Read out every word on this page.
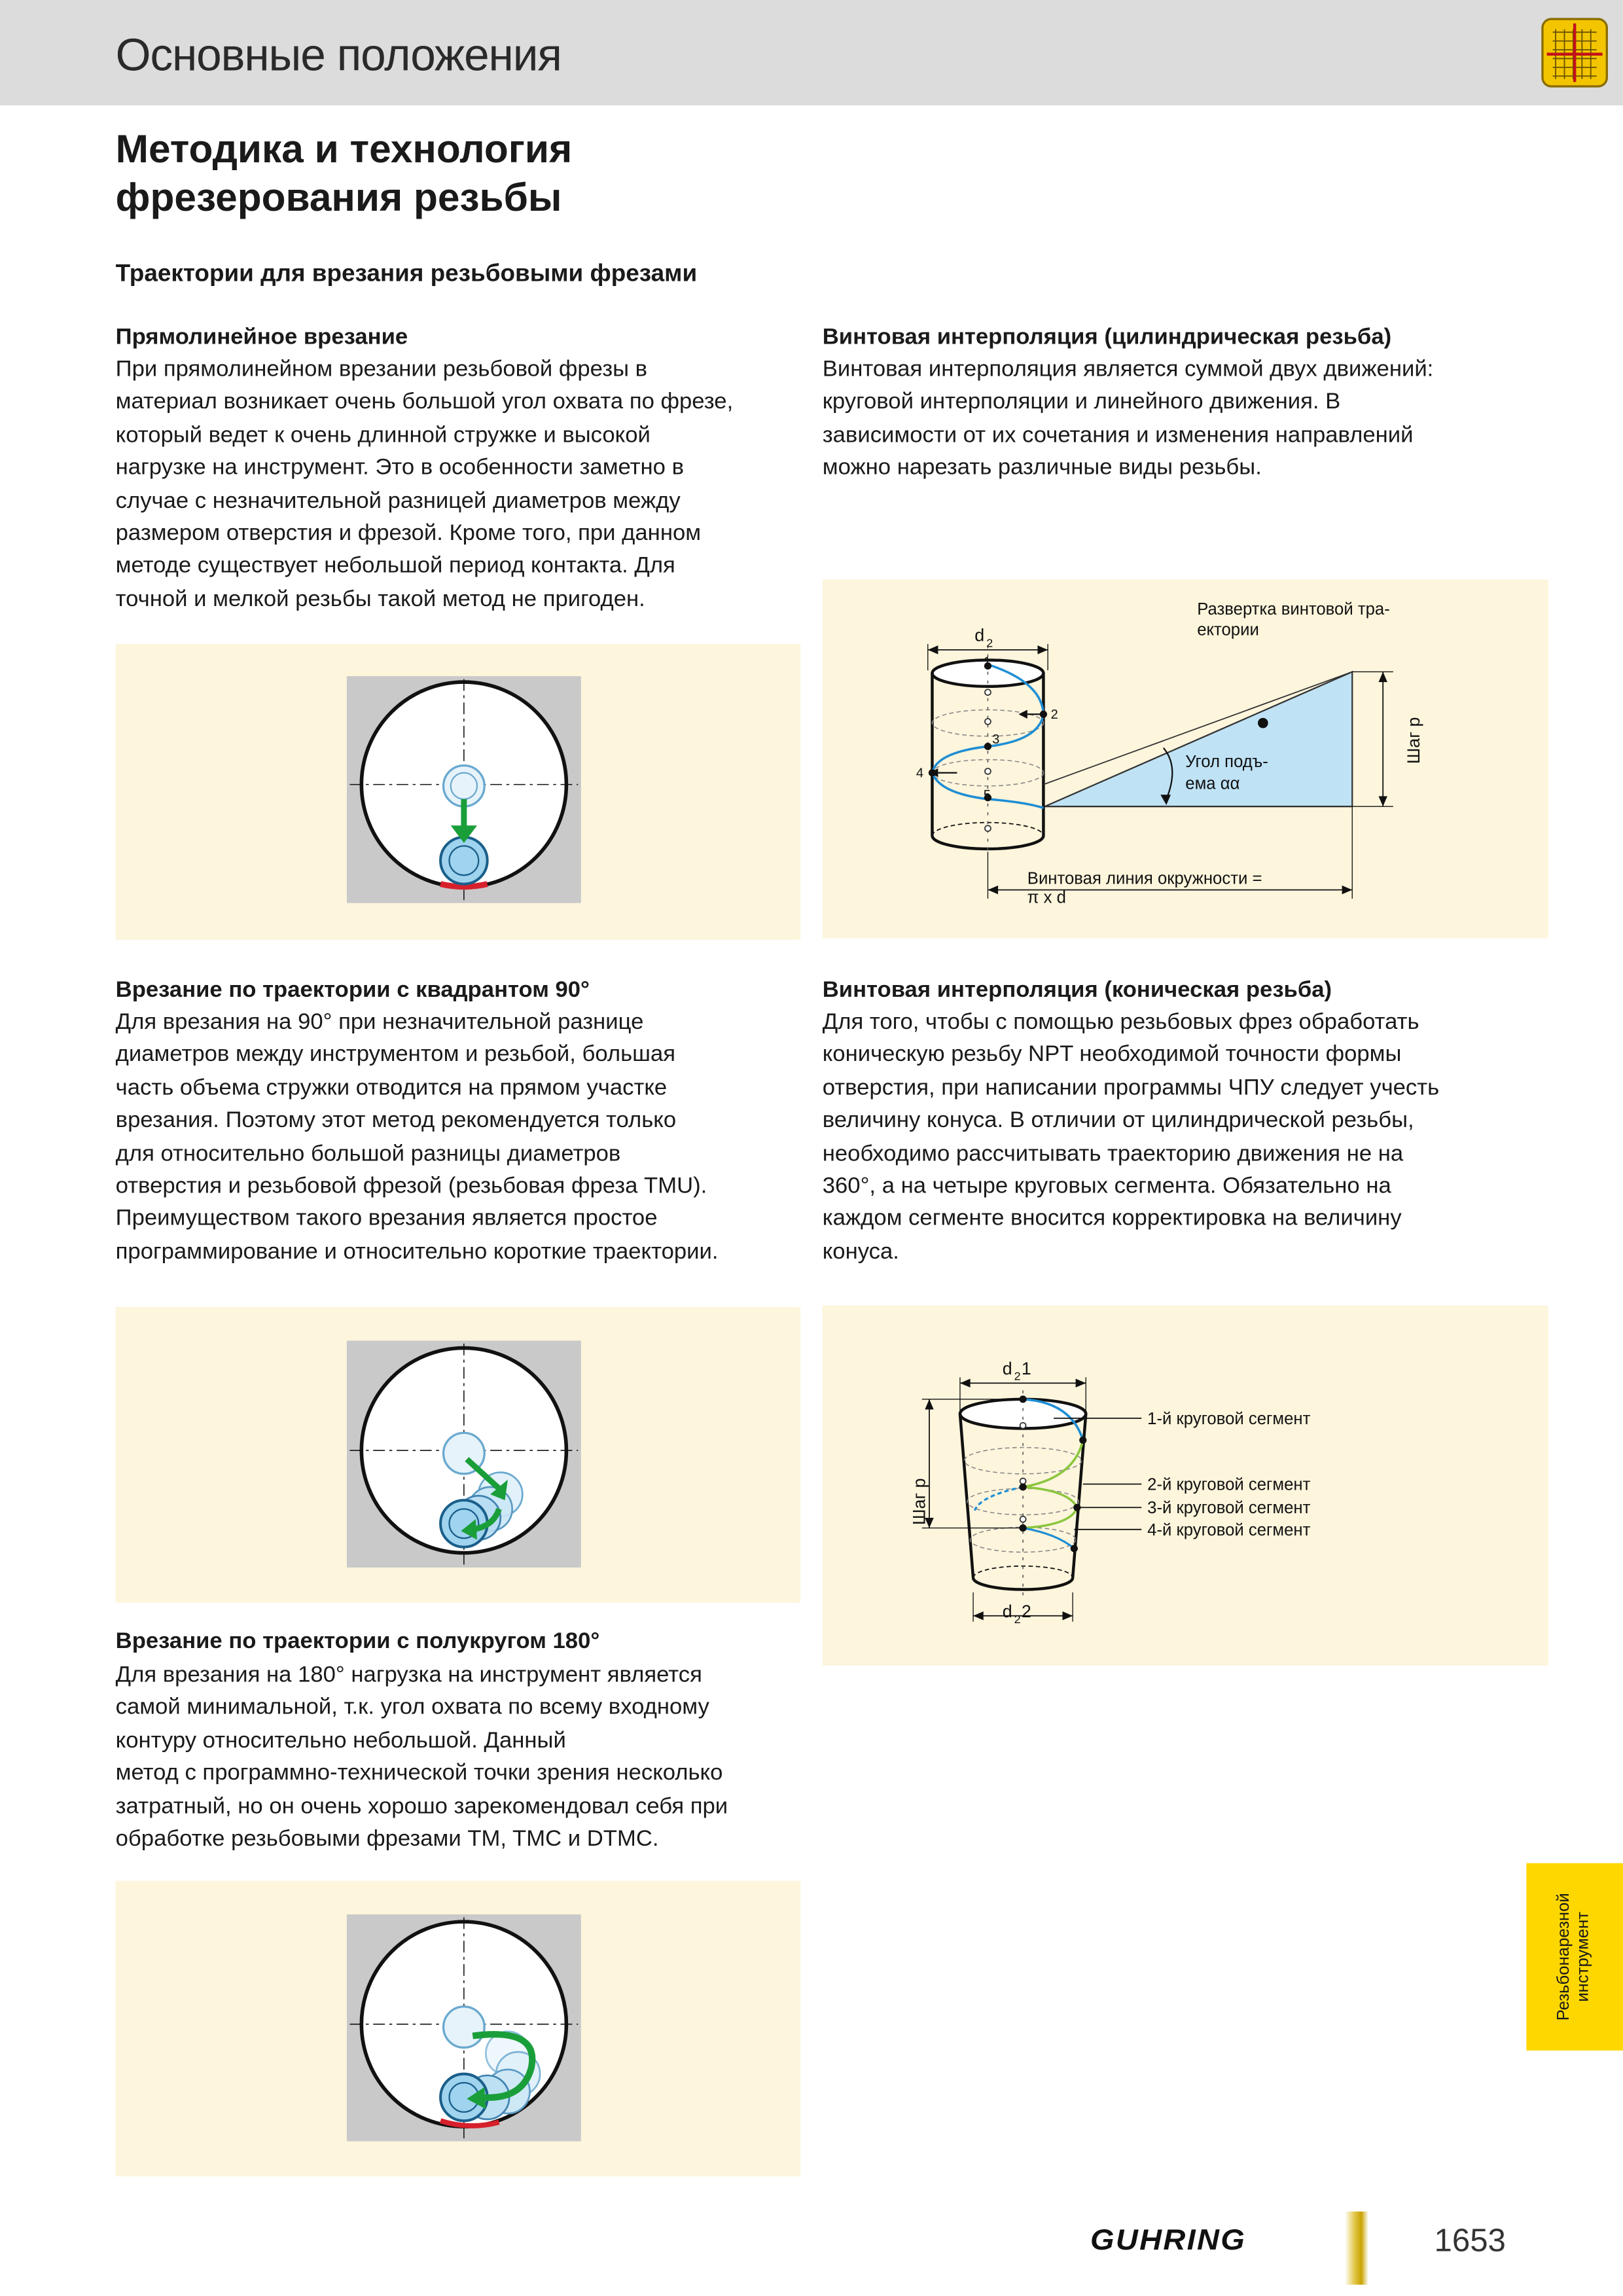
Основные положения
Методика и технология
фрезерования резьбы
Траектории для врезания резьбовыми фрезами
Прямолинейное врезание
При прямолинейном врезании резьбовой фрезы в
материал возникает очень большой угол охвата по фрезе,
который ведет к очень длинной стружке и высокой
нагрузке на инструмент. Это в особенности заметно в
случае с незначительной разницей диаметров между
размером отверстия и фрезой. Кроме того, при данном
методе существует небольшой период контакта. Для
точной и мелкой резьбы такой метод не пригоден.
Врезание по траектории с квадрантом 90°
Для врезания на 90° при незначительной разнице
диаметров между инструментом и резьбой, большая
часть объема стружки отводится на прямом участке
врезания. Поэтому этот метод рекомендуется только
для относительно большой разницы диаметров
отверстия и резьбовой фрезой (резьбовая фреза TMU).
Преимуществом такого врезания является простое
программирование и относительно короткие траектории.
Врезание по траектории с полукругом 180°
Для врезания на 180° нагрузка на инструмент является
самой минимальной, т.к. угол охвата по всему входному
контуру относительно небольшой. Данный
метод с программно-технической точки зрения несколько
затратный, но он очень хорошо зарекомендовал себя при
обработке резьбовыми фрезами TM, TMC и DTMC.
Винтовая интерполяция (цилиндрическая резьба)
Винтовая интерполяция является суммой двух движений:
круговой интерполяции и линейного движения. В
зависимости от их сочетания и изменения направлений
можно нарезать различные виды резьбы.
d 2
1
2
3
4
5
Развертка винтовой тра-
ектории
Угол подъ-
ема αα
Шаг p
Винтовая линия окружности =
π x d
Винтовая интерполяция (коническая резьба)
Для того, чтобы с помощью резьбовых фрез обработать
коническую резьбу NPT необходимой точности формы
отверстия, при написании программы ЧПУ следует учесть
величину конуса. В отличии от цилиндрической резьбы,
необходимо рассчитывать траекторию движения не на
360°, а на четыре круговых сегмента. Обязательно на
каждом сегменте вносится корректировка на величину
конуса.
d 2 1
1-й круговой сегмент
2-й круговой сегмент
3-й круговой сегмент
4-й круговой сегмент
Шаг p
d 2 2
Резьбонарезной инструмент
GUHRING	1653
